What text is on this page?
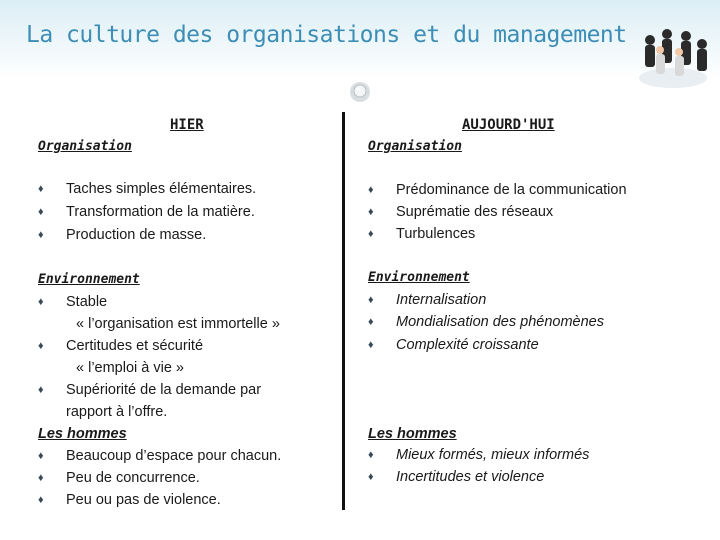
La culture des organisations et du management
HIER
Organisation
♦ Taches simples élémentaires.
♦ Transformation de la matière.
♦ Production de masse.
Environnement
♦ Stable
« l’organisation est immortelle »
♦ Certitudes et sécurité
« l’emploi à vie »
♦ Supériorité de la demande par
rapport à l’offre.
Les hommes
♦ Beaucoup d’espace pour chacun.
♦ Peu de concurrence.
♦ Peu ou pas de violence.
AUJOURD'HUI
Organisation
♦ Prédominance de la communication
♦ Suprématie des réseaux
♦ Turbulences
Environnement
♦ Internalisation
♦ Mondialisation des phénomènes
♦ Complexité croissante
Les hommes
♦ Mieux formés, mieux informés
♦ Incertitudes et violence
